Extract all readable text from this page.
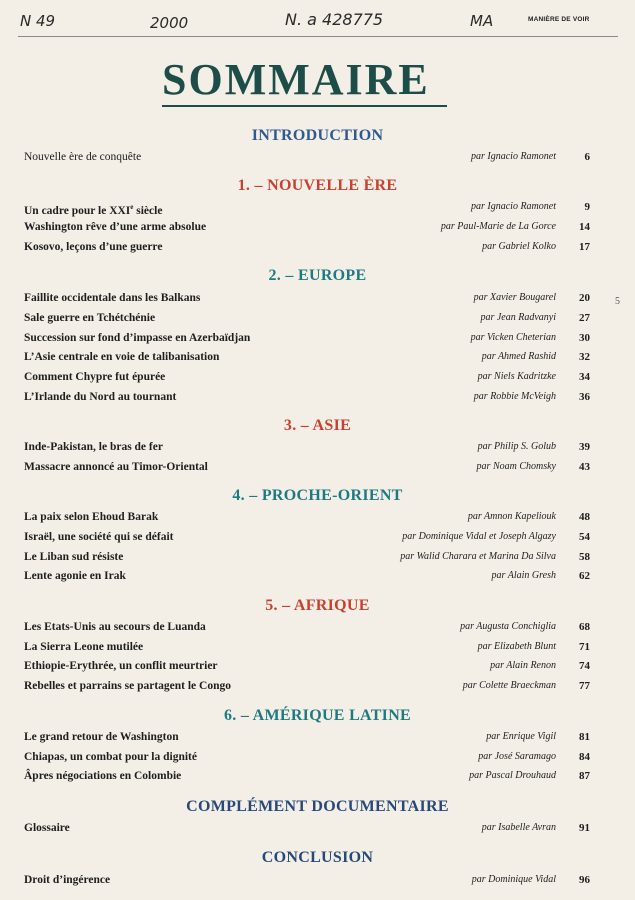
N 49	2000	N. a 428775	MA	MANIÈRE DE VOIR
SOMMAIRE
5
INTRODUCTION
Nouvelle ère de conquête	par Ignacio Ramonet	6
1. – NOUVELLE ÈRE
Un cadre pour le XXIe siècle	par Ignacio Ramonet	9
Washington rêve d’une arme absolue	par Paul-Marie de La Gorce	14
Kosovo, leçons d’une guerre	par Gabriel Kolko	17
2. – EUROPE
Faillite occidentale dans les Balkans	par Xavier Bougarel	20
Sale guerre en Tchétchénie	par Jean Radvanyi	27
Succession sur fond d’impasse en Azerbaïdjan	par Vicken Cheterian	30
L’Asie centrale en voie de talibanisation	par Ahmed Rashid	32
Comment Chypre fut épurée	par Niels Kadritzke	34
L’Irlande du Nord au tournant	par Robbie McVeigh	36
3. – ASIE
Inde-Pakistan, le bras de fer	par Philip S. Golub	39
Massacre annoncé au Timor-Oriental	par Noam Chomsky	43
4. – PROCHE-ORIENT
La paix selon Ehoud Barak	par Amnon Kapeliouk	48
Israël, une société qui se défait	par Dominique Vidal et Joseph Algazy	54
Le Liban sud résiste	par Walid Charara et Marina Da Silva	58
Lente agonie en Irak	par Alain Gresh	62
5. – AFRIQUE
Les Etats-Unis au secours de Luanda	par Augusta Conchiglia	68
La Sierra Leone mutilée	par Elizabeth Blunt	71
Ethiopie-Erythrée, un conflit meurtrier	par Alain Renon	74
Rebelles et parrains se partagent le Congo	par Colette Braeckman	77
6. – AMÉRIQUE LATINE
Le grand retour de Washington	par Enrique Vigil	81
Chiapas, un combat pour la dignité	par José Saramago	84
Âpres négociations en Colombie	par Pascal Drouhaud	87
COMPLÉMENT DOCUMENTAIRE
Glossaire	par Isabelle Avran	91
CONCLUSION
Droit d’ingérence	par Dominique Vidal	96
